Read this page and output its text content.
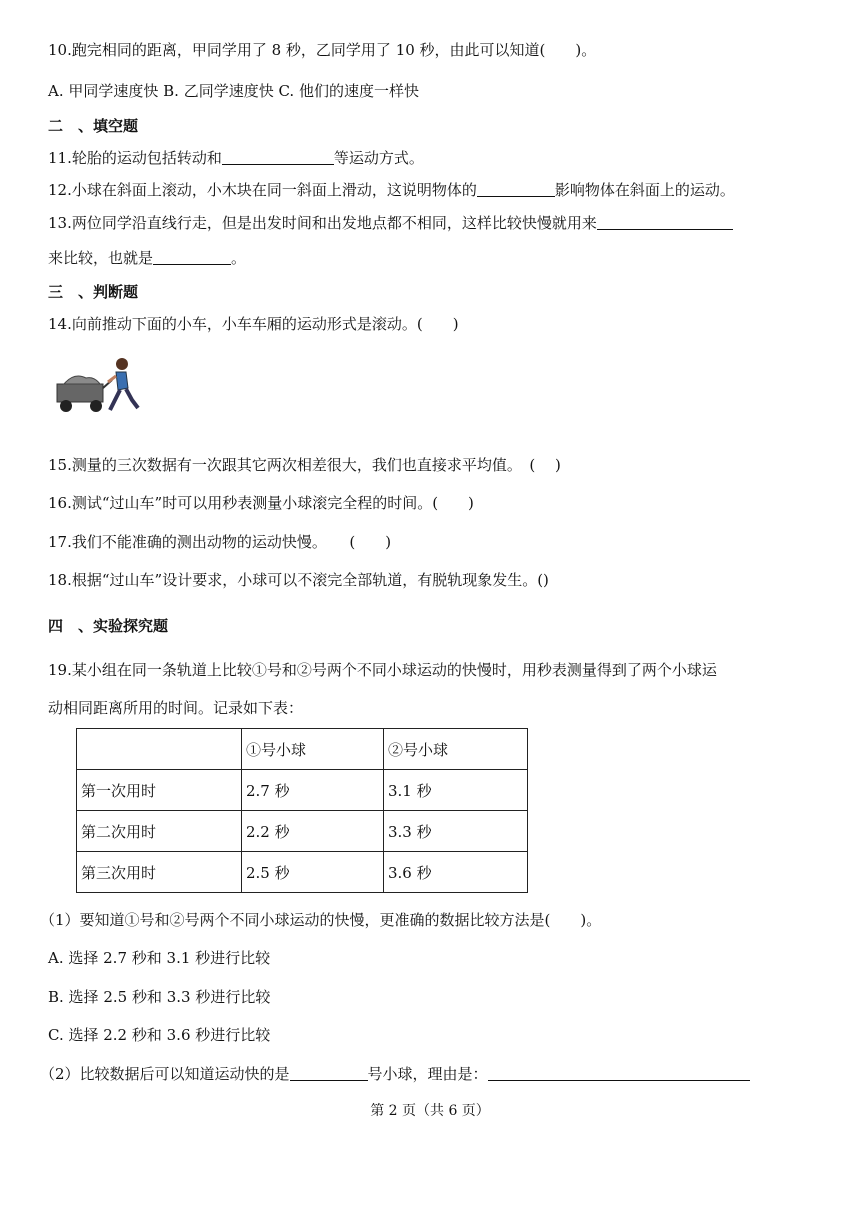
10.跑完相同的距离，甲同学用了 8 秒，乙同学用了 10 秒，由此可以知道(　　)。
A. 甲同学速度快 B. 乙同学速度快 C. 他们的速度一样快
二　、填空题
11.轮胎的运动包括转动和	等运动方式。
12.小球在斜面上滚动，小木块在同一斜面上滑动，这说明物体的	影响物体在斜面上的运动。
13.两位同学沿直线行走，但是出发时间和出发地点都不相同，这样比较快慢就用来
来比较，也就是	。
三　、判断题
14.向前推动下面的小车，小车车厢的运动形式是滚动。(　　)
15.测量的三次数据有一次跟其它两次相差很大，我们也直接求平均值。　(　 )
16.测试“过山车”时可以用秒表测量小球滚完全程的时间。(　　)
17.我们不能准确的测出动物的运动快慢。　　(　　)
18.根据“过山车”设计要求，小球可以不滚完全部轨道，有脱轨现象发生。()
四　、实验探究题
19.某小组在同一条轨道上比较①号和②号两个不同小球运动的快慢时，用秒表测量得到了两个小球运
动相同距离所用的时间。记录如下表：
	①号小球	②号小球
第一次用时	2.7 秒	3.1 秒
第二次用时	2.2 秒	3.3 秒
第三次用时	2.5 秒	3.6 秒
（1）要知道①号和②号两个不同小球运动的快慢，更准确的数据比较方法是(　　)。
A. 选择 2.7 秒和 3.1 秒进行比较
B. 选择 2.5 秒和 3.3 秒进行比较
C. 选择 2.2 秒和 3.6 秒进行比较
（2）比较数据后可以知道运动快的是	号小球，理由是：
第 2 页（共 6 页）
